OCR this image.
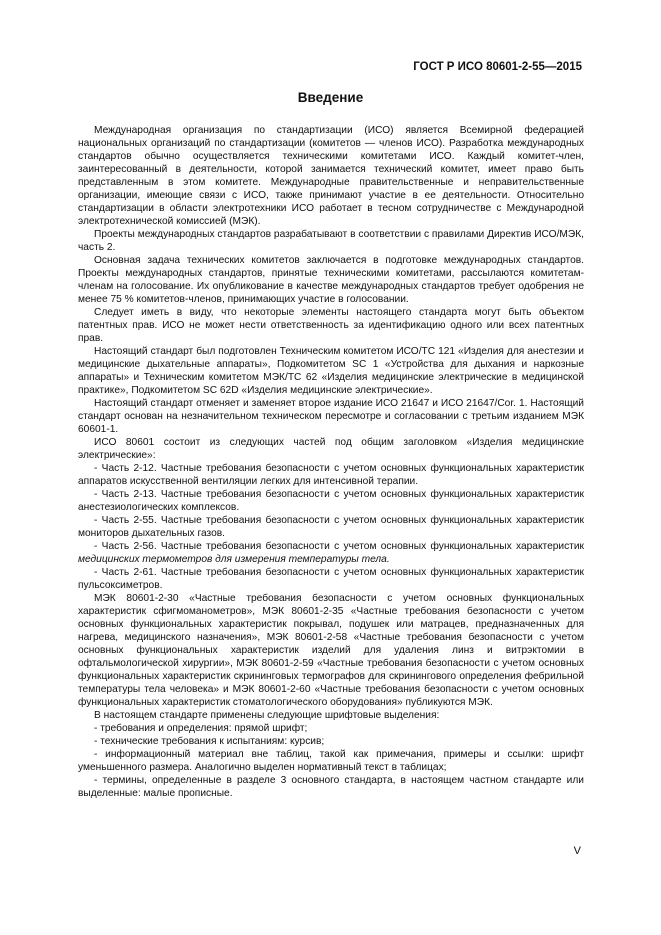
ГОСТ Р ИСО 80601-2-55—2015

Введение

Международная организация по стандартизации (ИСО) является Всемирной федерацией национальных организаций по стандартизации (комитетов — членов ИСО). Разработка международных стандартов обычно осуществляется техническими комитетами ИСО. Каждый комитет-член, заинтересованный в деятельности, которой занимается технический комитет, имеет право быть представленным в этом комитете. Международные правительственные и неправительственные организации, имеющие связи с ИСО, также принимают участие в ее деятельности. Относительно стандартизации в области электротехники ИСО работает в тесном сотрудничестве с Международной электротехнической комиссией (МЭК).

Проекты международных стандартов разрабатывают в соответствии с правилами Директив ИСО/МЭК, часть 2.

Основная задача технических комитетов заключается в подготовке международных стандартов. Проекты международных стандартов, принятые техническими комитетами, рассылаются комитетам-членам на голосование. Их опубликование в качестве международных стандартов требует одобрения не менее 75 % комитетов-членов, принимающих участие в голосовании.

Следует иметь в виду, что некоторые элементы настоящего стандарта могут быть объектом патентных прав. ИСО не может нести ответственность за идентификацию одного или всех патентных прав.

Настоящий стандарт был подготовлен Техническим комитетом ИСО/ТС 121 «Изделия для анестезии и медицинские дыхательные аппараты», Подкомитетом SC 1 «Устройства для дыхания и наркозные аппараты» и Техническим комитетом МЭК/ТС 62 «Изделия медицинские электрические в медицинской практике», Подкомитетом SC 62D «Изделия медицинские электрические».

Настоящий стандарт отменяет и заменяет второе издание ИСО 21647 и ИСО 21647/Cor. 1. Настоящий стандарт основан на незначительном техническом пересмотре и согласовании с третьим изданием МЭК 60601-1.

ИСО 80601 состоит из следующих частей под общим заголовком «Изделия медицинские электрические»:

- Часть 2-12. Частные требования безопасности с учетом основных функциональных характеристик аппаратов искусственной вентиляции легких для интенсивной терапии.

- Часть 2-13. Частные требования безопасности с учетом основных функциональных характеристик анестезиологических комплексов.

- Часть 2-55. Частные требования безопасности с учетом основных функциональных характеристик мониторов дыхательных газов.

- Часть 2-56. Частные требования безопасности с учетом основных функциональных характеристик медицинских термометров для измерения температуры тела.

- Часть 2-61. Частные требования безопасности с учетом основных функциональных характеристик пульсоксиметров.

МЭК 80601-2-30 «Частные требования безопасности с учетом основных функциональных характеристик сфигмоманометров», МЭК 80601-2-35 «Частные требования безопасности с учетом основных функциональных характеристик покрывал, подушек или матрацев, предназначенных для нагрева, медицинского назначения», МЭК 80601-2-58 «Частные требования безопасности с учетом основных функциональных характеристик изделий для удаления линз и витрэктомии в офтальмологической хирургии», МЭК 80601-2-59 «Частные требования безопасности с учетом основных функциональных характеристик скрининговых термографов для скринингового определения фебрильной температуры тела человека» и МЭК 80601-2-60 «Частные требования безопасности с учетом основных функциональных характеристик стоматологического оборудования» публикуются МЭК.

В настоящем стандарте применены следующие шрифтовые выделения:

- требования и определения: прямой шрифт;

- технические требования к испытаниям: курсив;

- информационный материал вне таблиц, такой как примечания, примеры и ссылки: шрифт уменьшенного размера. Аналогично выделен нормативный текст в таблицах;

- термины, определенные в разделе 3 основного стандарта, в настоящем частном стандарте или выделенные: малые прописные.

V
